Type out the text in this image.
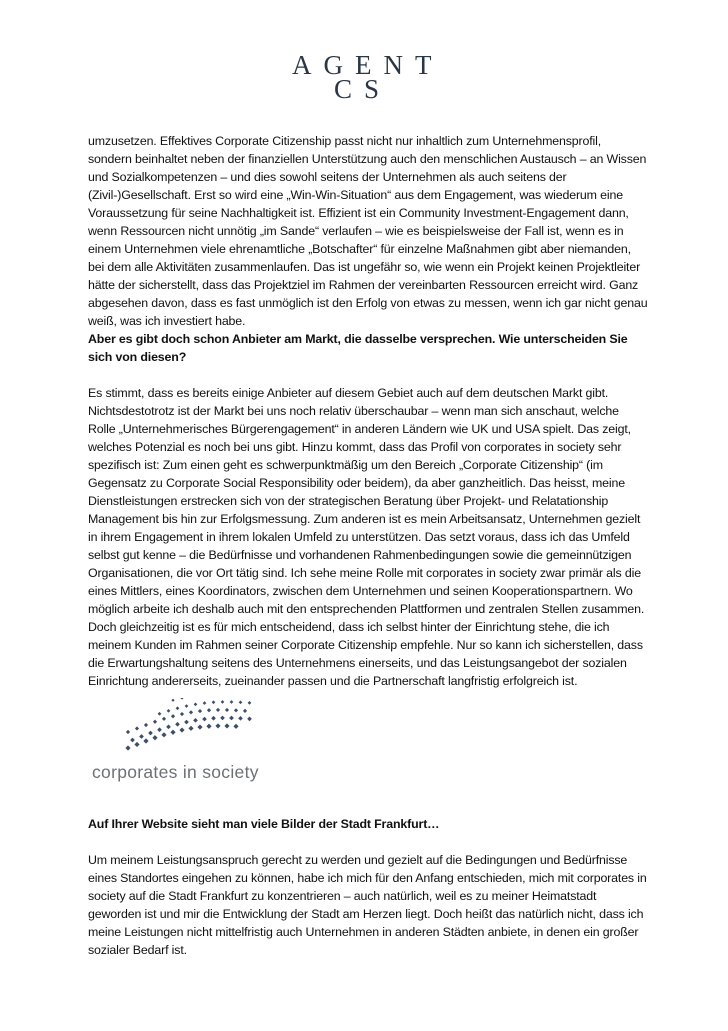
AGENT
CS

umzusetzen. Effektives Corporate Citizenship passt nicht nur inhaltlich zum Unternehmensprofil, sondern beinhaltet neben der finanziellen Unterstützung auch den menschlichen Austausch – an Wissen und Sozialkompetenzen – und dies sowohl seitens der Unternehmen als auch seitens der (Zivil-)Gesellschaft. Erst so wird eine „Win-Win-Situation“ aus dem Engagement, was wiederum eine Voraussetzung für seine Nachhaltigkeit ist. Effizient ist ein Community Investment-Engagement dann, wenn Ressourcen nicht unnötig „im Sande“ verlaufen – wie es beispielsweise der Fall ist, wenn es in einem Unternehmen viele ehrenamtliche „Botschafter“ für einzelne Maßnahmen gibt aber niemanden, bei dem alle Aktivitäten zusammenlaufen. Das ist ungefähr so, wie wenn ein Projekt keinen Projektleiter hätte der sicherstellt, dass das Projektziel im Rahmen der vereinbarten Ressourcen erreicht wird. Ganz abgesehen davon, dass es fast unmöglich ist den Erfolg von etwas zu messen, wenn ich gar nicht genau weiß, was ich investiert habe.

Aber es gibt doch schon Anbieter am Markt, die dasselbe versprechen. Wie unterscheiden Sie sich von diesen?

Es stimmt, dass es bereits einige Anbieter auf diesem Gebiet auch auf dem deutschen Markt gibt. Nichtsdestotrotz ist der Markt bei uns noch relativ überschaubar – wenn man sich anschaut, welche Rolle „Unternehmerisches Bürgerengagement“ in anderen Ländern wie UK und USA spielt. Das zeigt, welches Potenzial es noch bei uns gibt. Hinzu kommt, dass das Profil von corporates in society sehr spezifisch ist: Zum einen geht es schwerpunktmäßig um den Bereich „Corporate Citizenship“ (im Gegensatz zu Corporate Social Responsibility oder beidem), da aber ganzheitlich. Das heisst, meine Dienstleistungen erstrecken sich von der strategischen Beratung über Projekt- und Relatationship Management bis hin zur Erfolgsmessung. Zum anderen ist es mein Arbeitsansatz, Unternehmen gezielt in ihrem Engagement in ihrem lokalen Umfeld zu unterstützen. Das setzt voraus, dass ich das Umfeld selbst gut kenne – die Bedürfnisse und vorhandenen Rahmenbedingungen sowie die gemeinnützigen Organisationen, die vor Ort tätig sind. Ich sehe meine Rolle mit corporates in society zwar primär als die eines Mittlers, eines Koordinators, zwischen dem Unternehmen und seinen Kooperationspartnern. Wo möglich arbeite ich deshalb auch mit den entsprechenden Plattformen und zentralen Stellen zusammen. Doch gleichzeitig ist es für mich entscheidend, dass ich selbst hinter der Einrichtung stehe, die ich meinem Kunden im Rahmen seiner Corporate Citizenship empfehle. Nur so kann ich sicherstellen, dass die Erwartungshaltung seitens des Unternehmens einerseits, und das Leistungsangebot der sozialen Einrichtung andererseits, zueinander passen und die Partnerschaft langfristig erfolgreich ist.

corporates in society

Auf Ihrer Website sieht man viele Bilder der Stadt Frankfurt…

Um meinem Leistungsanspruch gerecht zu werden und gezielt auf die Bedingungen und Bedürfnisse eines Standortes eingehen zu können, habe ich mich für den Anfang entschieden, mich mit corporates in society auf die Stadt Frankfurt zu konzentrieren – auch natürlich, weil es zu meiner Heimatstadt geworden ist und mir die Entwicklung der Stadt am Herzen liegt. Doch heißt das natürlich nicht, dass ich meine Leistungen nicht mittelfristig auch Unternehmen in anderen Städten anbiete, in denen ein großer sozialer Bedarf ist.
